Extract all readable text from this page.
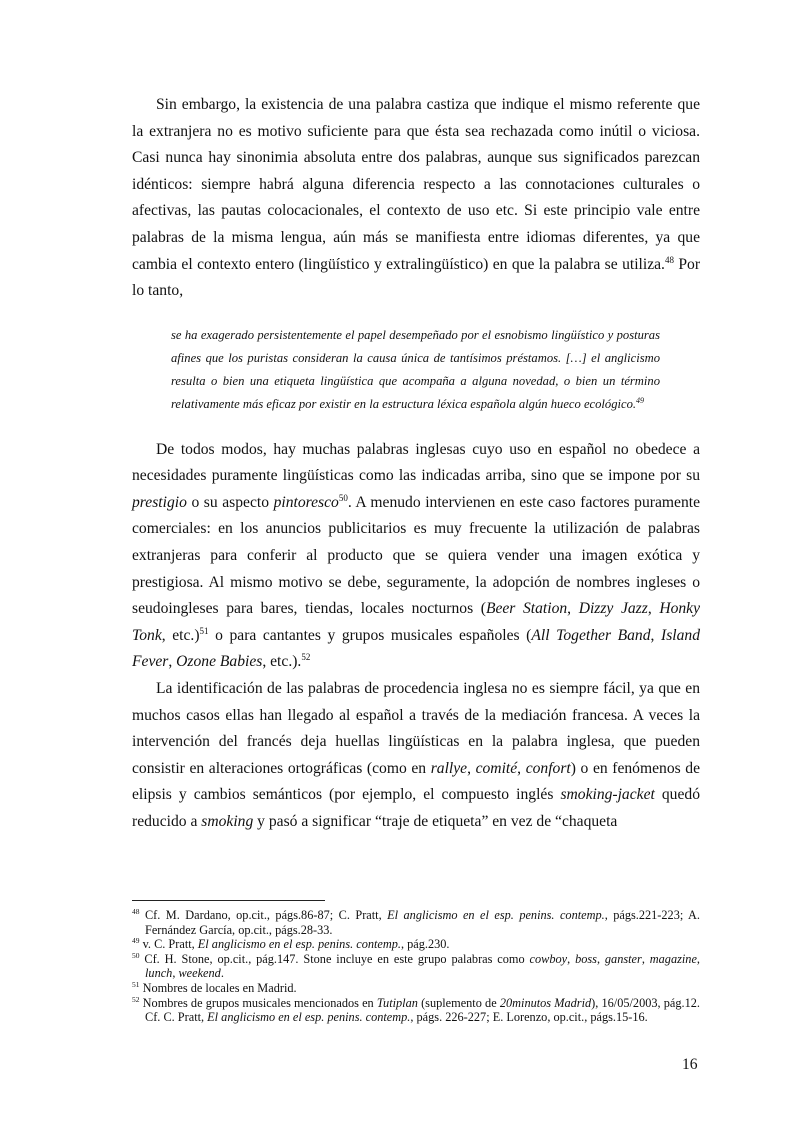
Sin embargo, la existencia de una palabra castiza que indique el mismo referente que la extranjera no es motivo suficiente para que ésta sea rechazada como inútil o viciosa. Casi nunca hay sinonimia absoluta entre dos palabras, aunque sus significados parezcan idénticos: siempre habrá alguna diferencia respecto a las connotaciones culturales o afectivas, las pautas colocacionales, el contexto de uso etc. Si este principio vale entre palabras de la misma lengua, aún más se manifiesta entre idiomas diferentes, ya que cambia el contexto entero (lingüístico y extralingüístico) en que la palabra se utiliza.$^{48}$ Por lo tanto,

se ha exagerado persistentemente el papel desempeñado por el esnobismo lingüístico y posturas afines que los puristas consideran la causa única de tantísimos préstamos. […] el anglicismo resulta o bien una etiqueta lingüística que acompaña a alguna novedad, o bien un término relativamente más eficaz por existir en la estructura léxica española algún hueco ecológico.$^{49}$

De todos modos, hay muchas palabras inglesas cuyo uso en español no obedece a necesidades puramente lingüísticas como las indicadas arriba, sino que se impone por su prestigio o su aspecto pintoresco$^{50}$. A menudo intervienen en este caso factores puramente comerciales: en los anuncios publicitarios es muy frecuente la utilización de palabras extranjeras para conferir al producto que se quiera vender una imagen exótica y prestigiosa. Al mismo motivo se debe, seguramente, la adopción de nombres ingleses o seudoingleses para bares, tiendas, locales nocturnos (Beer Station, Dizzy Jazz, Honky Tonk, etc.)$^{51}$ o para cantantes y grupos musicales españoles (All Together Band, Island Fever, Ozone Babies, etc.).$^{52}$

La identificación de las palabras de procedencia inglesa no es siempre fácil, ya que en muchos casos ellas han llegado al español a través de la mediación francesa. A veces la intervención del francés deja huellas lingüísticas en la palabra inglesa, que pueden consistir en alteraciones ortográficas (como en rallye, comité, confort) o en fenómenos de elipsis y cambios semánticos (por ejemplo, el compuesto inglés smoking-jacket quedó reducido a smoking y pasó a significar “traje de etiqueta” en vez de “chaqueta

$^{48}$ Cf. M. Dardano, op.cit., págs.86-87; C. Pratt, El anglicismo en el esp. penins. contemp., págs.221-223; A. Fernández García, op.cit., págs.28-33.

$^{49}$ v. C. Pratt, El anglicismo en el esp. penins. contemp., pág.230.

$^{50}$ Cf. H. Stone, op.cit., pág.147. Stone incluye en este grupo palabras como cowboy, boss, ganster, magazine, lunch, weekend.

$^{51}$ Nombres de locales en Madrid.

$^{52}$ Nombres de grupos musicales mencionados en Tutiplan (suplemento de 20minutos Madrid), 16/05/2003, pág.12. Cf. C. Pratt, El anglicismo en el esp. penins. contemp., págs. 226-227; E. Lorenzo, op.cit., págs.15-16.

16
